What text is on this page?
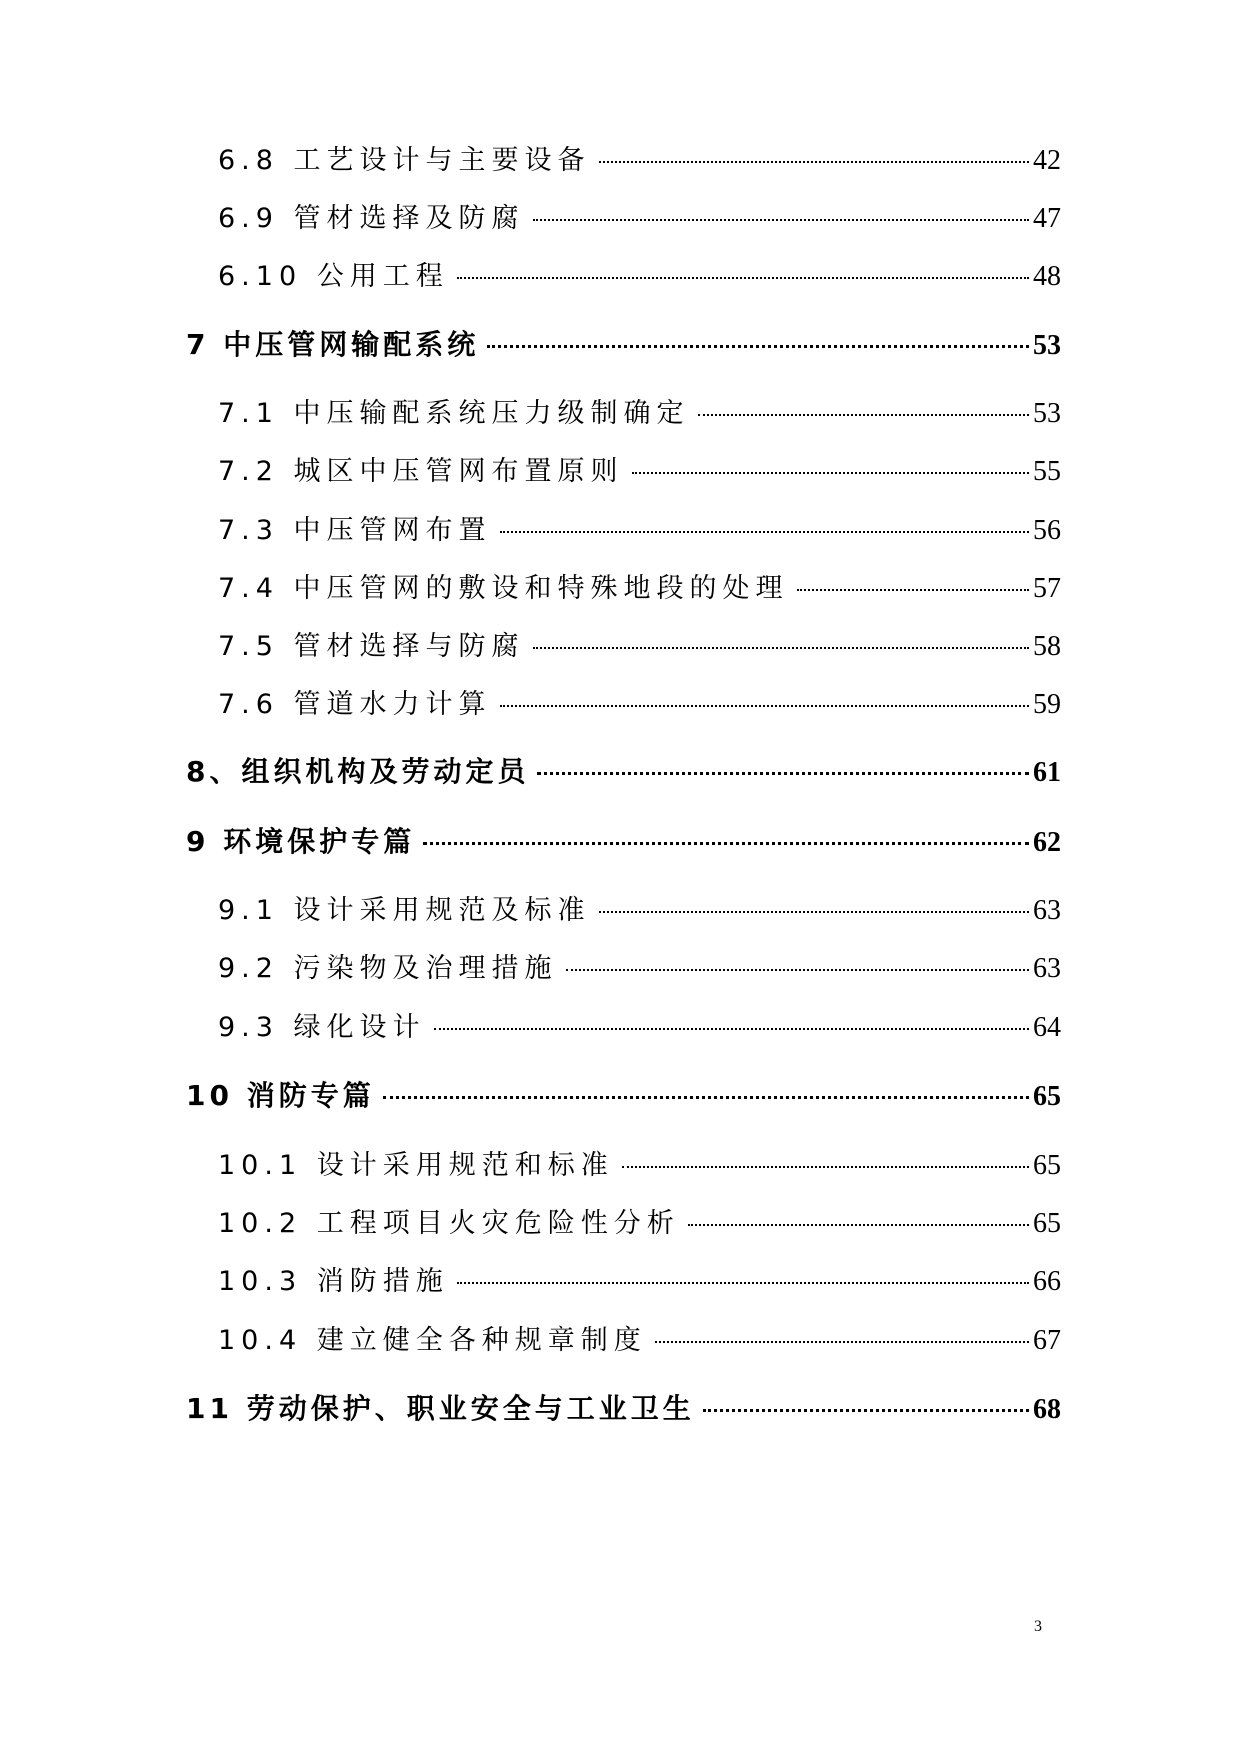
6.8 工艺设计与主要设备	42
6.9 管材选择及防腐	47
6.10 公用工程	48
7 中压管网输配系统	53
7.1 中压输配系统压力级制确定	53
7.2 城区中压管网布置原则	55
7.3 中压管网布置	56
7.4 中压管网的敷设和特殊地段的处理	57
7.5 管材选择与防腐	58
7.6 管道水力计算	59
8、组织机构及劳动定员	61
9 环境保护专篇	62
9.1 设计采用规范及标准	63
9.2 污染物及治理措施	63
9.3 绿化设计	64
10 消防专篇	65
10.1 设计采用规范和标准	65
10.2 工程项目火灾危险性分析	65
10.3 消防措施	66
10.4 建立健全各种规章制度	67
11 劳动保护、职业安全与工业卫生	68
3
